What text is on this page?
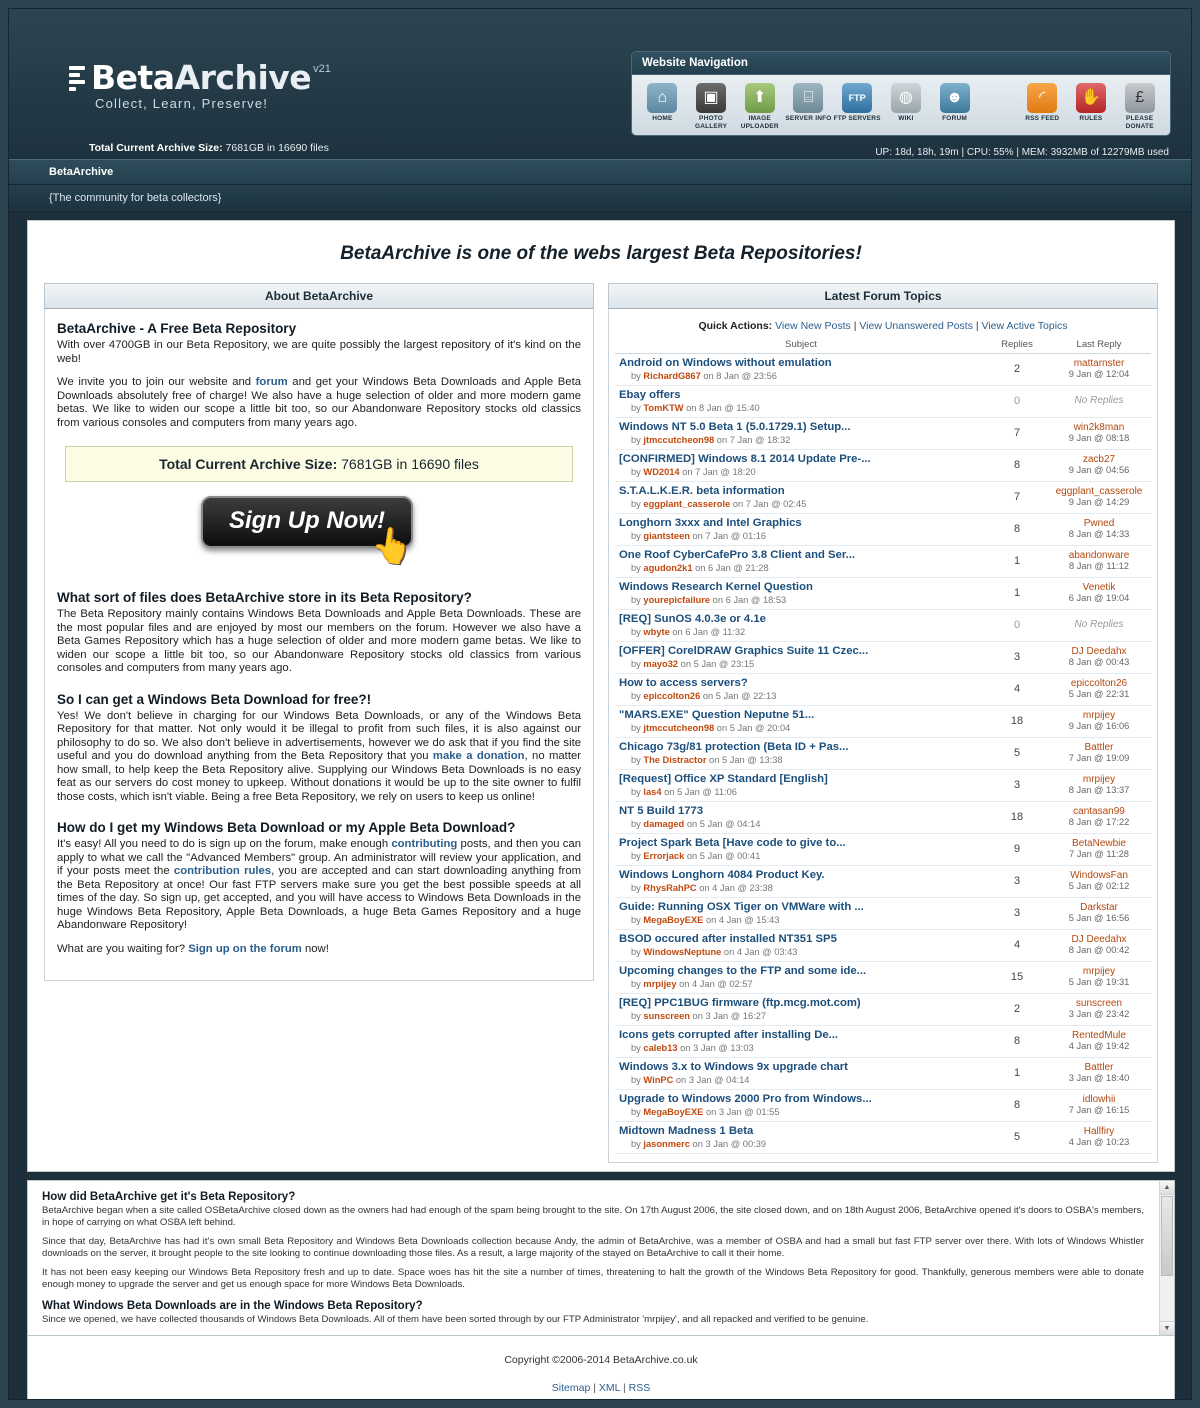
BetaArchive v21
Collect, Learn, Preserve!
Total Current Archive Size: 7681GB in 16690 files
Website Navigation
⌂
HOME
▣
PHOTO GALLERY
⬆
IMAGE UPLOADER
⌸
SERVER INFO
FTP
FTP SERVERS
◍
WIKI
☻
FORUM
◜
RSS FEED
✋
RULES
£
PLEASE DONATE
UP: 18d, 18h, 19m | CPU: 55% | MEM: 3932MB of 12279MB used
BetaArchive
{The community for beta collectors}
BetaArchive is one of the webs largest Beta Repositories!
About BetaArchive
BetaArchive - A Free Beta Repository

With over 4700GB in our Beta Repository, we are quite possibly the largest repository of it's kind on the web!

We invite you to join our website and forum and get your Windows Beta Downloads and Apple Beta Downloads absolutely free of charge! We also have a huge selection of older and more modern game betas. We like to widen our scope a little bit too, so our Abandonware Repository stocks old classics from various consoles and computers from many years ago.

Total Current Archive Size: 7681GB in 16690 files
Sign Up Now!
👆
What sort of files does BetaArchive store in its Beta Repository?

The Beta Repository mainly contains Windows Beta Downloads and Apple Beta Downloads. These are the most popular files and are enjoyed by most our members on the forum. However we also have a Beta Games Repository which has a huge selection of older and more modern game betas. We like to widen our scope a little bit too, so our Abandonware Repository stocks old classics from various consoles and computers from many years ago.

So I can get a Windows Beta Download for free?!

Yes! We don't believe in charging for our Windows Beta Downloads, or any of the Windows Beta Repository for that matter. Not only would it be illegal to profit from such files, it is also against our philosophy to do so. We also don't believe in advertisements, however we do ask that if you find the site useful and you do download anything from the Beta Repository that you make a donation, no matter how small, to help keep the Beta Repository alive. Supplying our Windows Beta Downloads is no easy feat as our servers do cost money to upkeep. Without donations it would be up to the site owner to fulfil those costs, which isn't viable. Being a free Beta Repository, we rely on users to keep us online!

How do I get my Windows Beta Download or my Apple Beta Download?

It's easy! All you need to do is sign up on the forum, make enough contributing posts, and then you can apply to what we call the "Advanced Members" group. An administrator will review your application, and if your posts meet the contribution rules, you are accepted and can start downloading anything from the Beta Repository at once! Our fast FTP servers make sure you get the best possible speeds at all times of the day. So sign up, get accepted, and you will have access to Windows Beta Downloads in the huge Windows Beta Repository, Apple Beta Downloads, a huge Beta Games Repository and a huge Abandonware Repository!

What are you waiting for? Sign up on the forum now!

Latest Forum Topics
Quick Actions: View New Posts | View Unanswered Posts | View Active Topics
Subject	Replies	Last Reply

Android on Windows without emulation
by RichardG867 on 8 Jan @ 23:56
	2	mattarnster
9 Jan @ 12:04

Ebay offers
by TomKTW on 8 Jan @ 15:40	0	No Replies

Windows NT 5.0 Beta 1 (5.0.1729.1) Setup...
by jtmccutcheon98 on 7 Jan @ 18:32
	7	win2k8man
9 Jan @ 08:18

[CONFIRMED] Windows 8.1 2014 Update Pre-...
by WD2014 on 7 Jan @ 18:20
	8	zacb27
9 Jan @ 04:56

S.T.A.L.K.E.R. beta information
by eggplant_casserole on 7 Jan @ 02:45
	7	eggplant_casserole
9 Jan @ 14:29

Longhorn 3xxx and Intel Graphics
by giantsteen on 7 Jan @ 01:16
	8	Pwned
8 Jan @ 14:33

One Roof CyberCafePro 3.8 Client and Ser...
by agudon2k1 on 6 Jan @ 21:28
	1	abandonware
8 Jan @ 11:12

Windows Research Kernel Question
by yourepicfailure on 6 Jan @ 18:53
	1	Venetik
6 Jan @ 19:04

[REQ] SunOS 4.0.3e or 4.1e
by wbyte on 6 Jan @ 11:32	0	No Replies

[OFFER] CorelDRAW Graphics Suite 11 Czec...
by mayo32 on 5 Jan @ 23:15
	3	DJ Deedahx
8 Jan @ 00:43

How to access servers?
by epiccolton26 on 5 Jan @ 22:13
	4	epiccolton26
5 Jan @ 22:31

"MARS.EXE" Question Neputne 51...
by jtmccutcheon98 on 5 Jan @ 20:04
	18	mrpijey
9 Jan @ 16:06

Chicago 73g/81 protection (Beta ID + Pas...
by The Distractor on 5 Jan @ 13:38
	5	Battler
7 Jan @ 19:09

[Request] Office XP Standard [English]
by las4 on 5 Jan @ 11:06
	3	mrpijey
8 Jan @ 13:37

NT 5 Build 1773
by damaged on 5 Jan @ 04:14
	18	cantasan99
8 Jan @ 17:22

Project Spark Beta [Have code to give to...
by Errorjack on 5 Jan @ 00:41
	9	BetaNewbie
7 Jan @ 11:28

Windows Longhorn 4084 Product Key.
by RhysRahPC on 4 Jan @ 23:38
	3	WindowsFan
5 Jan @ 02:12

Guide: Running OSX Tiger on VMWare with ...
by MegaBoyEXE on 4 Jan @ 15:43
	3	Darkstar
5 Jan @ 16:56

BSOD occured after installed NT351 SP5
by WindowsNeptune on 4 Jan @ 03:43
	4	DJ Deedahx
8 Jan @ 00:42

Upcoming changes to the FTP and some ide...
by mrpijey on 4 Jan @ 02:57
	15	mrpijey
5 Jan @ 19:31

[REQ] PPC1BUG firmware (ftp.mcg.mot.com)
by sunscreen on 3 Jan @ 16:27
	2	sunscreen
3 Jan @ 23:42

Icons gets corrupted after installing De...
by caleb13 on 3 Jan @ 13:03
	8	RentedMule
4 Jan @ 19:42

Windows 3.x to Windows 9x upgrade chart
by WinPC on 3 Jan @ 04:14
	1	Battler
3 Jan @ 18:40

Upgrade to Windows 2000 Pro from Windows...
by MegaBoyEXE on 3 Jan @ 01:55
	8	idlowhii
7 Jan @ 16:15

Midtown Madness 1 Beta
by jasonmerc on 3 Jan @ 00:39
	5	Hallfiry
4 Jan @ 10:23
How did BetaArchive get it's Beta Repository?

BetaArchive began when a site called OSBetaArchive closed down as the owners had had enough of the spam being brought to the site. On 17th August 2006, the site closed down, and on 18th August 2006, BetaArchive opened it's doors to OSBA's members, in hope of carrying on what OSBA left behind.

Since that day, BetaArchive has had it's own small Beta Repository and Windows Beta Downloads collection because Andy, the admin of BetaArchive, was a member of OSBA and had a small but fast FTP server over there. With lots of Windows Whistler downloads on the server, it brought people to the site looking to continue downloading those files. As a result, a large majority of the stayed on BetaArchive to call it their home.

It has not been easy keeping our Windows Beta Repository fresh and up to date. Space woes has hit the site a number of times, threatening to halt the growth of the Windows Beta Repository for good. Thankfully, generous members were able to donate enough money to upgrade the server and get us enough space for more Windows Beta Downloads.

What Windows Beta Downloads are in the Windows Beta Repository?

Since we opened, we have collected thousands of Windows Beta Downloads. All of them have been sorted through by our FTP Administrator 'mrpijey', and all repacked and verified to be genuine.

▲
▼
Copyright ©2006-2014 BetaArchive.co.uk
Sitemap | XML | RSS
